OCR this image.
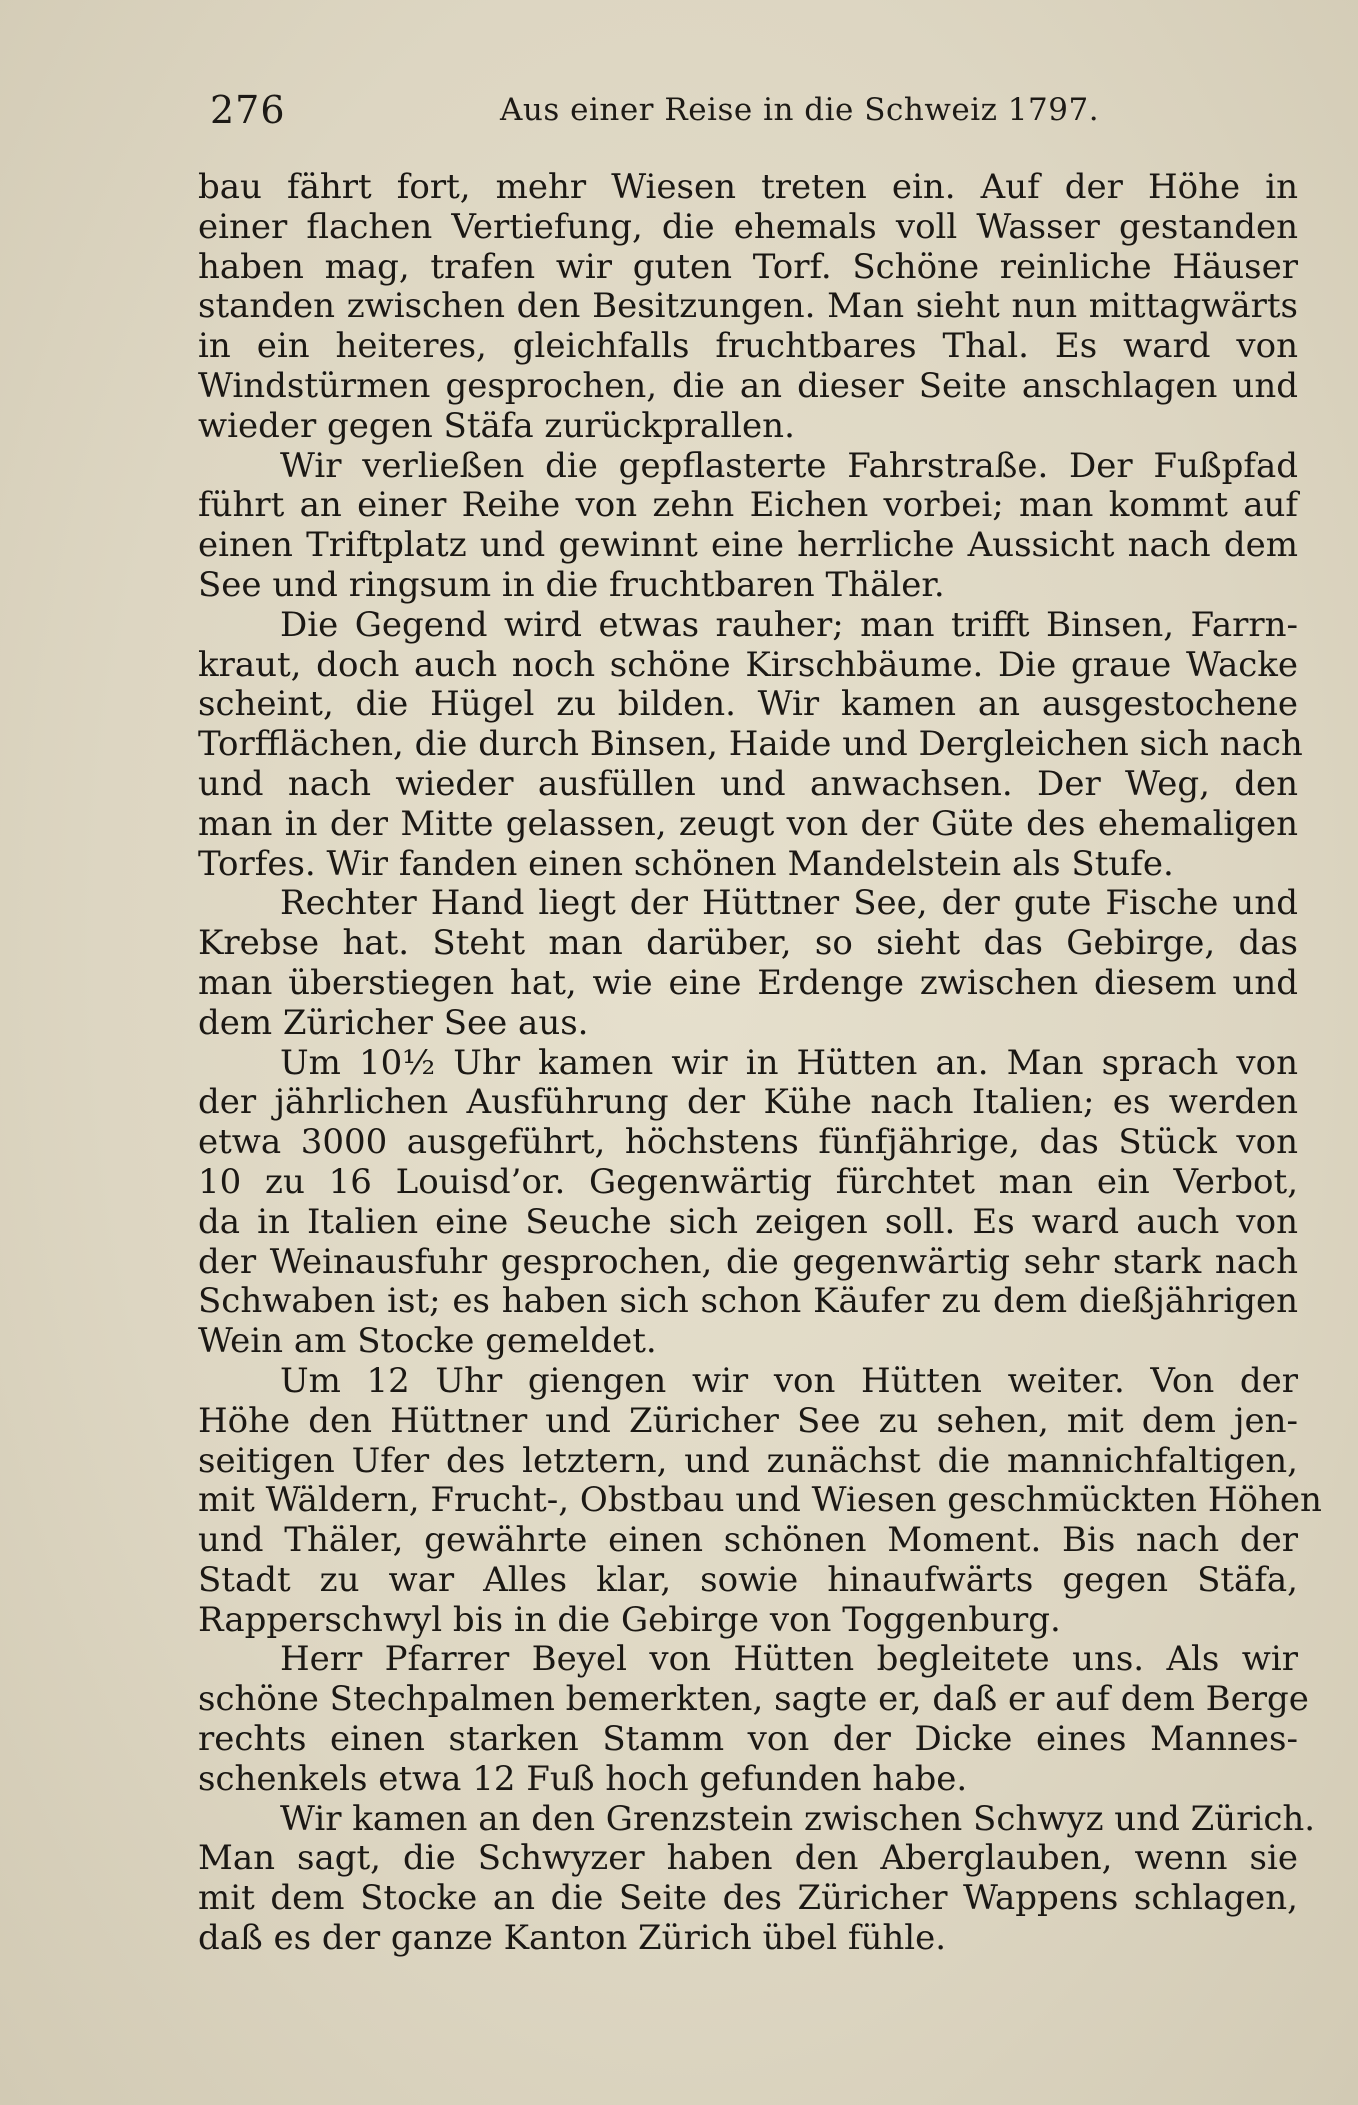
276	Aus einer Reise in die Schweiz 1797.
bau fährt fort, mehr Wiesen treten ein. Auf der Höhe in
einer flachen Vertiefung, die ehemals voll Wasser gestanden
haben mag, trafen wir guten Torf. Schöne reinliche Häuser
standen zwischen den Besitzungen. Man sieht nun mittagwärts
in ein heiteres, gleichfalls fruchtbares Thal. Es ward von
Windstürmen gesprochen, die an dieser Seite anschlagen und
wieder gegen Stäfa zurückprallen.
Wir verließen die gepflasterte Fahrstraße. Der Fußpfad
führt an einer Reihe von zehn Eichen vorbei; man kommt auf
einen Triftplatz und gewinnt eine herrliche Aussicht nach dem
See und ringsum in die fruchtbaren Thäler.
Die Gegend wird etwas rauher; man trifft Binsen, Farrn-
kraut, doch auch noch schöne Kirschbäume. Die graue Wacke
scheint, die Hügel zu bilden. Wir kamen an ausgestochene
Torfflächen, die durch Binsen, Haide und Dergleichen sich nach
und nach wieder ausfüllen und anwachsen. Der Weg, den
man in der Mitte gelassen, zeugt von der Güte des ehemaligen
Torfes. Wir fanden einen schönen Mandelstein als Stufe.
Rechter Hand liegt der Hüttner See, der gute Fische und
Krebse hat. Steht man darüber, so sieht das Gebirge, das
man überstiegen hat, wie eine Erdenge zwischen diesem und
dem Züricher See aus.
Um 10½ Uhr kamen wir in Hütten an. Man sprach von
der jährlichen Ausführung der Kühe nach Italien; es werden
etwa 3000 ausgeführt, höchstens fünfjährige, das Stück von
10 zu 16 Louisd’or. Gegenwärtig fürchtet man ein Verbot,
da in Italien eine Seuche sich zeigen soll. Es ward auch von
der Weinausfuhr gesprochen, die gegenwärtig sehr stark nach
Schwaben ist; es haben sich schon Käufer zu dem dießjährigen
Wein am Stocke gemeldet.
Um 12 Uhr giengen wir von Hütten weiter. Von der
Höhe den Hüttner und Züricher See zu sehen, mit dem jen-
seitigen Ufer des letztern, und zunächst die mannichfaltigen,
mit Wäldern, Frucht-, Obstbau und Wiesen geschmückten Höhen
und Thäler, gewährte einen schönen Moment. Bis nach der
Stadt zu war Alles klar, sowie hinaufwärts gegen Stäfa,
Rapperschwyl bis in die Gebirge von Toggenburg.
Herr Pfarrer Beyel von Hütten begleitete uns. Als wir
schöne Stechpalmen bemerkten, sagte er, daß er auf dem Berge
rechts einen starken Stamm von der Dicke eines Mannes-
schenkels etwa 12 Fuß hoch gefunden habe.
Wir kamen an den Grenzstein zwischen Schwyz und Zürich.
Man sagt, die Schwyzer haben den Aberglauben, wenn sie
mit dem Stocke an die Seite des Züricher Wappens schlagen,
daß es der ganze Kanton Zürich übel fühle.
